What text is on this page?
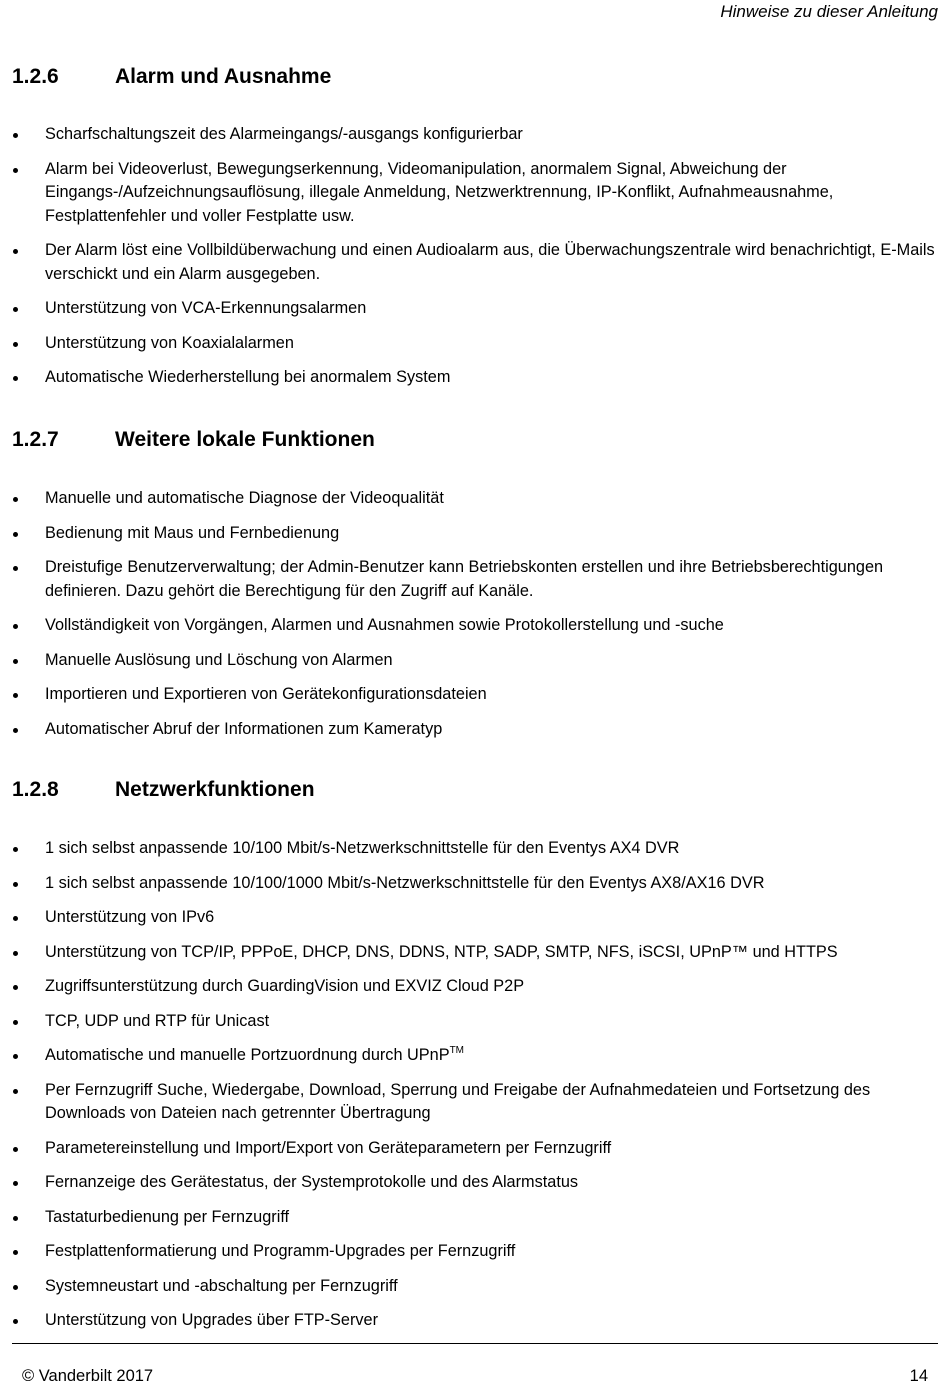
Hinweise zu dieser Anleitung
1.2.6	Alarm und Ausnahme
Scharfschaltungszeit des Alarmeingangs/-ausgangs konfigurierbar
Alarm bei Videoverlust, Bewegungserkennung, Videomanipulation, anormalem Signal, Abweichung der Eingangs-/Aufzeichnungsauflösung, illegale Anmeldung, Netzwerktrennung, IP-Konflikt, Aufnahmeausnahme, Festplattenfehler und voller Festplatte usw.
Der Alarm löst eine Vollbildüberwachung und einen Audioalarm aus, die Überwachungszentrale wird benachrichtigt, E-Mails verschickt und ein Alarm ausgegeben.
Unterstützung von VCA-Erkennungsalarmen
Unterstützung von Koaxialalarmen
Automatische Wiederherstellung bei anormalem System
1.2.7	Weitere lokale Funktionen
Manuelle und automatische Diagnose der Videoqualität
Bedienung mit Maus und Fernbedienung
Dreistufige Benutzerverwaltung; der Admin-Benutzer kann Betriebskonten erstellen und ihre Betriebsberechtigungen definieren. Dazu gehört die Berechtigung für den Zugriff auf Kanäle.
Vollständigkeit von Vorgängen, Alarmen und Ausnahmen sowie Protokollerstellung und -suche
Manuelle Auslösung und Löschung von Alarmen
Importieren und Exportieren von Gerätekonfigurationsdateien
Automatischer Abruf der Informationen zum Kameratyp
1.2.8	Netzwerkfunktionen
1 sich selbst anpassende 10/100 Mbit/s-Netzwerkschnittstelle für den Eventys AX4 DVR
1 sich selbst anpassende 10/100/1000 Mbit/s-Netzwerkschnittstelle für den Eventys AX8/AX16 DVR
Unterstützung von IPv6
Unterstützung von TCP/IP, PPPoE, DHCP, DNS, DDNS, NTP, SADP, SMTP, NFS, iSCSI, UPnP™ und HTTPS
Zugriffsunterstützung durch GuardingVision und EXVIZ Cloud P2P
TCP, UDP und RTP für Unicast
Automatische und manuelle Portzuordnung durch UPnP™
Per Fernzugriff Suche, Wiedergabe, Download, Sperrung und Freigabe der Aufnahmedateien und Fortsetzung des Downloads von Dateien nach getrennter Übertragung
Parametereinstellung und Import/Export von Geräteparametern per Fernzugriff
Fernanzeige des Gerätestatus, der Systemprotokolle und des Alarmstatus
Tastaturbedienung per Fernzugriff
Festplattenformatierung und Programm-Upgrades per Fernzugriff
Systemneustart und -abschaltung per Fernzugriff
Unterstützung von Upgrades über FTP-Server
© Vanderbilt 2017	14
